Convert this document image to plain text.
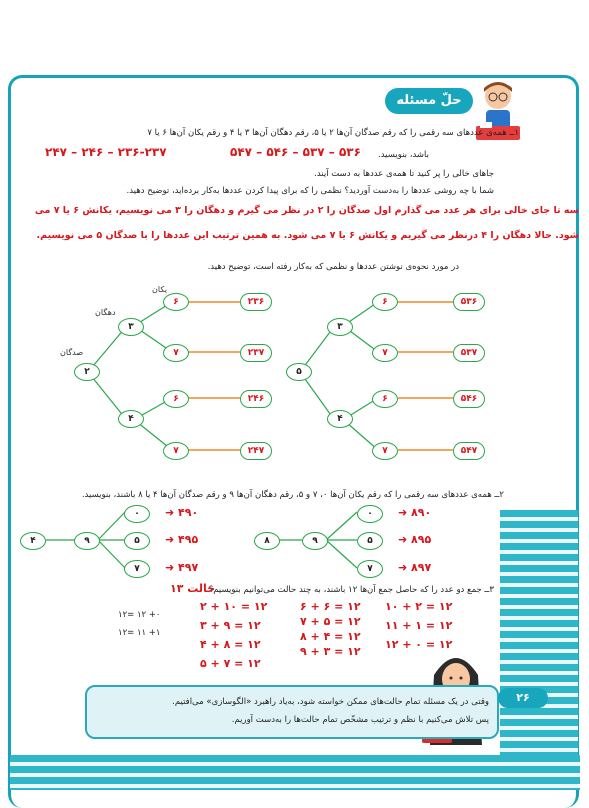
حلّ مسئله
۱ــ همه‌ی عددهای سه رقمی را که رقم صدگان آن‌ها ۲ یا ۵، رقم دهگان آن‌ها ۳ یا ۴ و رقم یکان آن‌ها ۶ یا ۷
باشد، بنویسید.
۲۴۷ – ۲۴۶ – ۲۳۶-۲۳۷	۵۴۷ – ۵۴۶ – ۵۳۷ – ۵۳۶
جاهای خالی را پر کنید تا همه‌ی عددها به دست آیند.
شما با چه روشی عددها را به‌دست آوردید؟ نظمی را که برای پیدا کردن عددها به‌کار برده‌اید، توضیح دهید.
سه تا جای خالی برای هر عدد می گذارم اول صدگان را ۲ در نظر می گیرم و دهگان را ۳ می نویسیم، یکانش ۶ یا ۷ می
شود. حالا دهگان را ۴ درنظر می گیریم و یکانش ۶ یا ۷ می شود. به همین ترتیب این عددها را با صدگان ۵ می نویسیم.
در مورد نحوه‌ی نوشتن عددها و نظمی که به‌کار رفته است، توضیح دهید.
یکان
دهگان
صدگان
۲
۳
۴
۶
۷
۶
۷
۲۳۶
۲۳۷
۲۴۶
۲۴۷
۵
۳
۴
۶
۷
۶
۷
۵۳۶
۵۳۷
۵۴۶
۵۴۷
۲ــ همه‌ی عددهای سه رقمی را که رقم یکان آن‌ها ۰، ۷ و ۵، رقم دهگان آن‌ها ۹ و رقم صدگان آن‌ها ۴ یا ۸ باشند، بنویسید.
۴	۹
۰
۵
۷
➜ ۴۹۰
➜ ۴۹۵
➜ ۴۹۷
۸	۹
۰
۵
۷
➜ ۸۹۰
➜ ۸۹۵
➜ ۸۹۷
۳ــ جمع دو عدد را که حاصل جمع آن‌ها ۱۲ باشند، به چند حالت می‌توانیم بنویسیم؟
۱۳ حالت
۱۰ + ۲ = ۱۲
۱۱ + ۱ = ۱۲
۱۲ + ۰ = ۱۲
۶ + ۶ = ۱۲
۷ + ۵ = ۱۲
۸ + ۴ = ۱۲
۹ + ۳ = ۱۲
۲ + ۱۰ = ۱۲
۳ + ۹ = ۱۲
۴ + ۸ = ۱۲
۵ + ۷ = ۱۲
۱۲= ۱۲ +۰
۱۲= ۱۱ +۱
وقتی در یک مسئله تمام حالت‌های ممکن خواسته شود، به‌یاد راهبرد «الگوسازی» می‌افتیم.
پس تلاش می‌کنیم با نظم و ترتیب مشخّص تمام حالت‌ها را به‌دست آوریم.
۲۶
